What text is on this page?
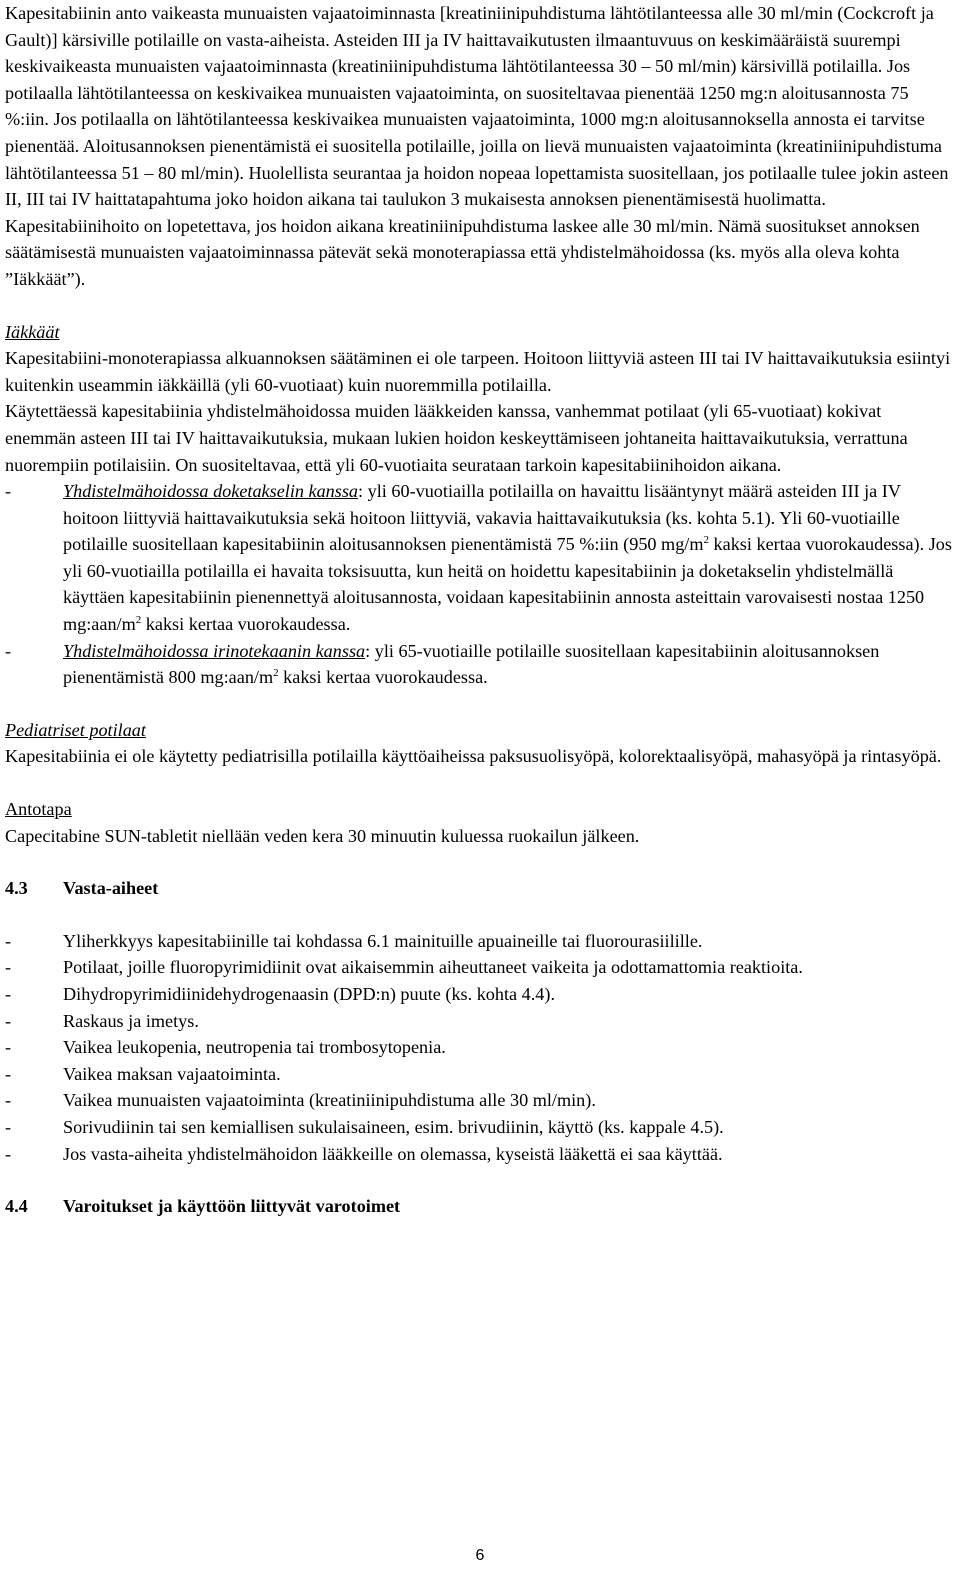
Kapesitabiinin anto vaikeasta munuaisten vajaatoiminnasta [kreatiniinipuhdistuma lähtötilanteessa alle 30 ml/min (Cockcroft ja Gault)] kärsiville potilaille on vasta-aiheista. Asteiden III ja IV haittavaikutusten ilmaantuvuus on keskimääräistä suurempi keskivaikeasta munuaisten vajaatoiminnasta (kreatiniinipuhdistuma lähtötilanteessa 30 – 50 ml/min) kärsivillä potilailla. Jos potilaalla lähtötilanteessa on keskivaikea munuaisten vajaatoiminta, on suositeltavaa pienentää 1250 mg:n aloitusannosta 75 %:iin. Jos potilaalla on lähtötilanteessa keskivaikea munuaisten vajaatoiminta, 1000 mg:n aloitusannoksella annosta ei tarvitse pienentää. Aloitusannoksen pienentämistä ei suositella potilaille, joilla on lievä munuaisten vajaatoiminta (kreatiniinipuhdistuma lähtötilanteessa 51 – 80 ml/min). Huolellista seurantaa ja hoidon nopeaa lopettamista suositellaan, jos potilaalle tulee jokin asteen II, III tai IV haittatapahtuma joko hoidon aikana tai taulukon 3 mukaisesta annoksen pienentämisestä huolimatta. Kapesitabiinihoito on lopetettava, jos hoidon aikana kreatiniinipuhdistuma laskee alle 30 ml/min. Nämä suositukset annoksen säätämisestä munuaisten vajaatoiminnassa pätevät sekä monoterapiassa että yhdistelmähoidossa (ks. myös alla oleva kohta ”Iäkkäät”).

Iäkkäät

Kapesitabiini-monoterapiassa alkuannoksen säätäminen ei ole tarpeen. Hoitoon liittyviä asteen III tai IV haittavaikutuksia esiintyi kuitenkin useammin iäkkäillä (yli 60-vuotiaat) kuin nuoremmilla potilailla.

Käytettäessä kapesitabiinia yhdistelmähoidossa muiden lääkkeiden kanssa, vanhemmat potilaat (yli 65-vuotiaat) kokivat enemmän asteen III tai IV haittavaikutuksia, mukaan lukien hoidon keskeyttämiseen johtaneita haittavaikutuksia, verrattuna nuorempiin potilaisiin. On suositeltavaa, että yli 60-vuotiaita seurataan tarkoin kapesitabiinihoidon aikana.

-	Yhdistelmähoidossa doketakselin kanssa: yli 60-vuotiailla potilailla on havaittu lisääntynyt määrä asteiden III ja IV hoitoon liittyviä haittavaikutuksia sekä hoitoon liittyviä, vakavia haittavaikutuksia (ks. kohta 5.1). Yli 60-vuotiaille potilaille suositellaan kapesitabiinin aloitusannoksen pienentämistä 75 %:iin (950 $mg/m^2$ kaksi kertaa vuorokaudessa). Jos yli 60-vuotiailla potilailla ei havaita toksisuutta, kun heitä on hoidettu kapesitabiinin ja doketakselin yhdistelmällä käyttäen kapesitabiinin pienennettyä aloitusannosta, voidaan kapesitabiinin annosta asteittain varovaisesti nostaa 1250 $mg:aan/m^2$ kaksi kertaa vuorokaudessa.
-	Yhdistelmähoidossa irinotekaanin kanssa: yli 65-vuotiaille potilaille suositellaan kapesitabiinin aloitusannoksen pienentämistä 800 $mg:aan/m^2$ kaksi kertaa vuorokaudessa.

Pediatriset potilaat

Kapesitabiinia ei ole käytetty pediatrisilla potilailla käyttöaiheissa paksusuolisyöpä, kolorektaalisyöpä, mahasyöpä ja rintasyöpä.

Antotapa

Capecitabine SUN-tabletit niellään veden kera 30 minuutin kuluessa ruokailun jälkeen.

4.3	Vasta-aiheet

-	Yliherkkyys kapesitabiinille tai kohdassa 6.1 mainituille apuaineille tai fluorourasiilille.
-	Potilaat, joille fluoropyrimidiinit ovat aikaisemmin aiheuttaneet vaikeita ja odottamattomia reaktioita.
-	Dihydropyrimidiinidehydrogenaasin (DPD:n) puute (ks. kohta 4.4).
-	Raskaus ja imetys.
-	Vaikea leukopenia, neutropenia tai trombosytopenia.
-	Vaikea maksan vajaatoiminta.
-	Vaikea munuaisten vajaatoiminta (kreatiniinipuhdistuma alle 30 ml/min).
-	Sorivudiinin tai sen kemiallisen sukulaisaineen, esim. brivudiinin, käyttö (ks. kappale 4.5).
-	Jos vasta-aiheita yhdistelmähoidon lääkkeille on olemassa, kyseistä lääkettä ei saa käyttää.

4.4	Varoitukset ja käyttöön liittyvät varotoimet

6
